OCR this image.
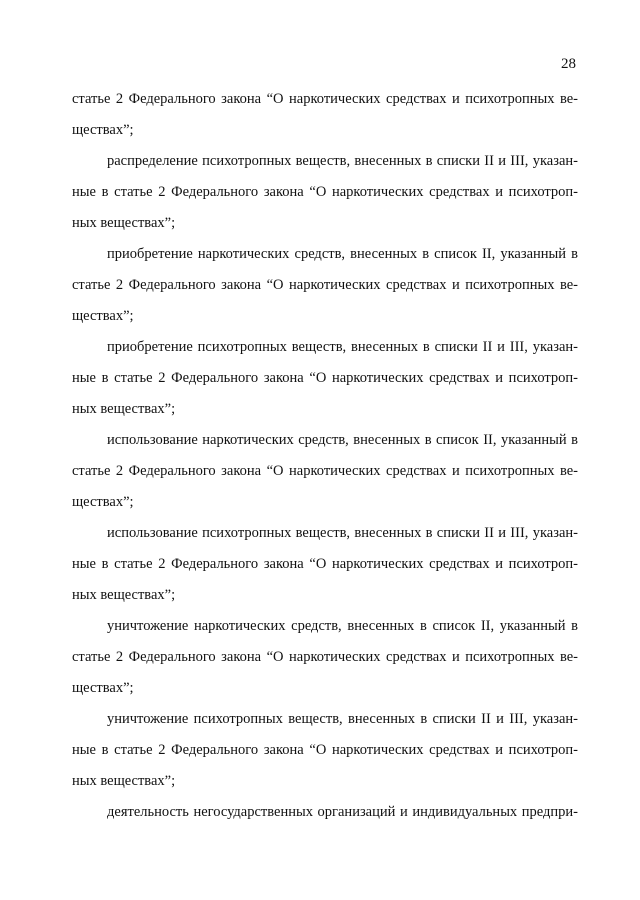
28
статье 2 Федерального закона “О наркотических средствах и психотропных ве-
ществах”;
распределение психотропных веществ, внесенных в списки II и III, указан-
ные в статье 2 Федерального закона “О наркотических средствах и психотроп-
ных веществах”;
приобретение наркотических средств, внесенных в список II, указанный в
статье 2 Федерального закона “О наркотических средствах и психотропных ве-
ществах”;
приобретение психотропных веществ, внесенных в списки II и III, указан-
ные в статье 2 Федерального закона “О наркотических средствах и психотроп-
ных веществах”;
использование наркотических средств, внесенных в список II, указанный в
статье 2 Федерального закона “О наркотических средствах и психотропных ве-
ществах”;
использование психотропных веществ, внесенных в списки II и III, указан-
ные в статье 2 Федерального закона “О наркотических средствах и психотроп-
ных веществах”;
уничтожение наркотических средств, внесенных в список II, указанный в
статье 2 Федерального закона “О наркотических средствах и психотропных ве-
ществах”;
уничтожение психотропных веществ, внесенных в списки II и III, указан-
ные в статье 2 Федерального закона “О наркотических средствах и психотроп-
ных веществах”;
деятельность негосударственных организаций и индивидуальных предпри-
